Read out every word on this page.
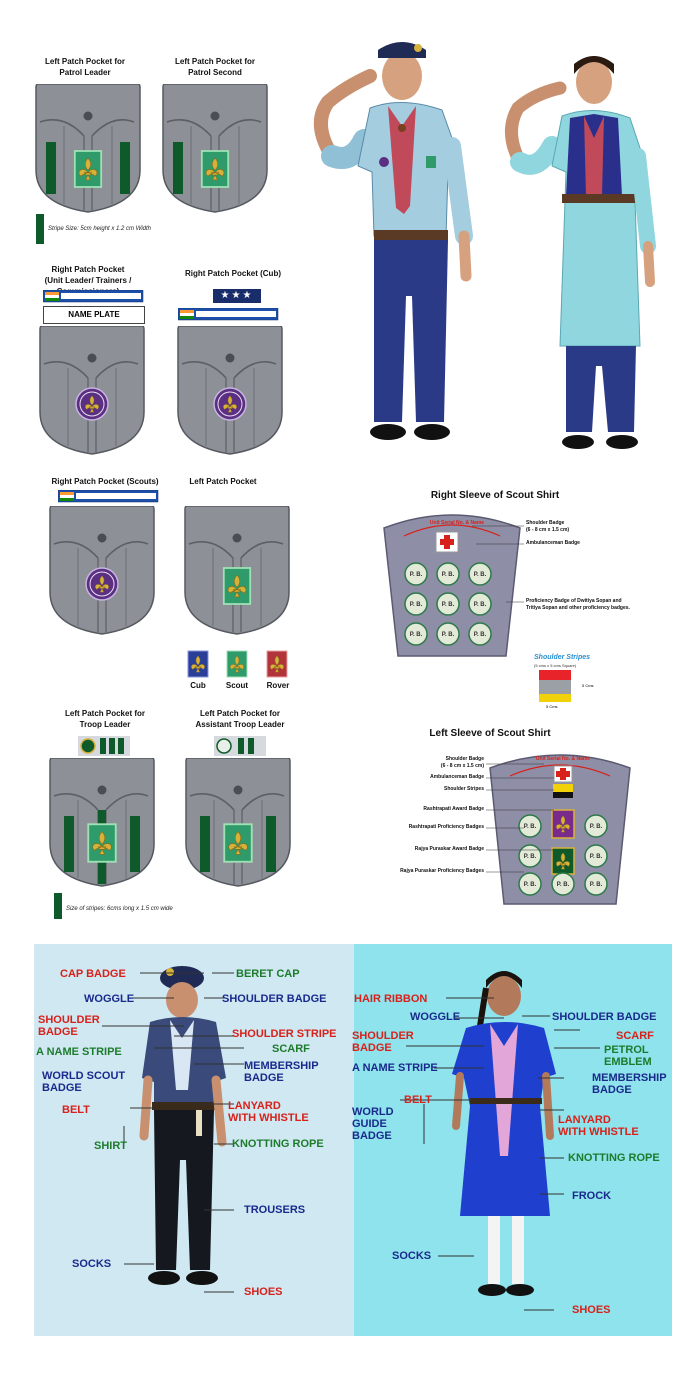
Left Patch Pocket for
Patrol Leader
Left Patch Pocket for
Patrol Second
Stripe Size: 5cm height x 1.2 cm Width
Right Patch Pocket
(Unit Leader/ Trainers /
Right Patch Pocket (Cub)
NAME PLATE
★★★
Right Patch Pocket (Scouts)	Left Patch Pocket
Cub	Scout	Rover
Left Patch Pocket for
Troop Leader
Left Patch Pocket for
Assistant Troop Leader
Size of stripes: 6cms long x 1.5 cm wide
Right Sleeve of Scout Shirt
Unit Serial No. & Name
P. B.	P. B.	P. B.
P. B.	P. B.	P. B.
P. B.	P. B.	P. B.
Shoulder Badge
(6 - 8 cm x 1.5 cm)
Ambulanceman Badge
Proficiency Badge of Dwitiya Sopan and
Tritiya Sopan and other proficiency badges.
Shoulder Stripes
(5 cms x 5 cms Square)
5 Cms
5 Cms
Left Sleeve of Scout Shirt
P. B.	P. B.
P. B.	P. B.
P. B.	P. B.	P. B.
Unit Serial No. & Name
Shoulder Badge
(6 - 8 cm x 1.5 cm)
Ambulanceman Badge
Shoulder Stripes
Rashtrapati Award Badge
Rashtrapati Proficiency Badges
Rajya Puraskar Award Badge
Rajya Puraskar Proficiency Badges
CAP BADGE	BERET CAP
WOGGLE	SHOULDER BADGE
SHOULDER
BADGE	SHOULDER STRIPE
A NAME STRIPE	SCARF
WORLD SCOUT
BADGE
MEMBERSHIP
BADGE
BELT	LANYARD
WITH WHISTLE
SHIRT	KNOTTING ROPE
TROUSERS
SOCKS
SHOES
HAIR RIBBON
WOGGLE	SHOULDER BADGE
SHOULDER
BADGE
SCARF
PETROL
EMBLEM
A NAME STRIPE
MEMBERSHIP
BADGE
BELT
WORLD
GUIDE
BADGE
LANYARD
WITH WHISTLE
KNOTTING ROPE
FROCK
SOCKS
SHOES
